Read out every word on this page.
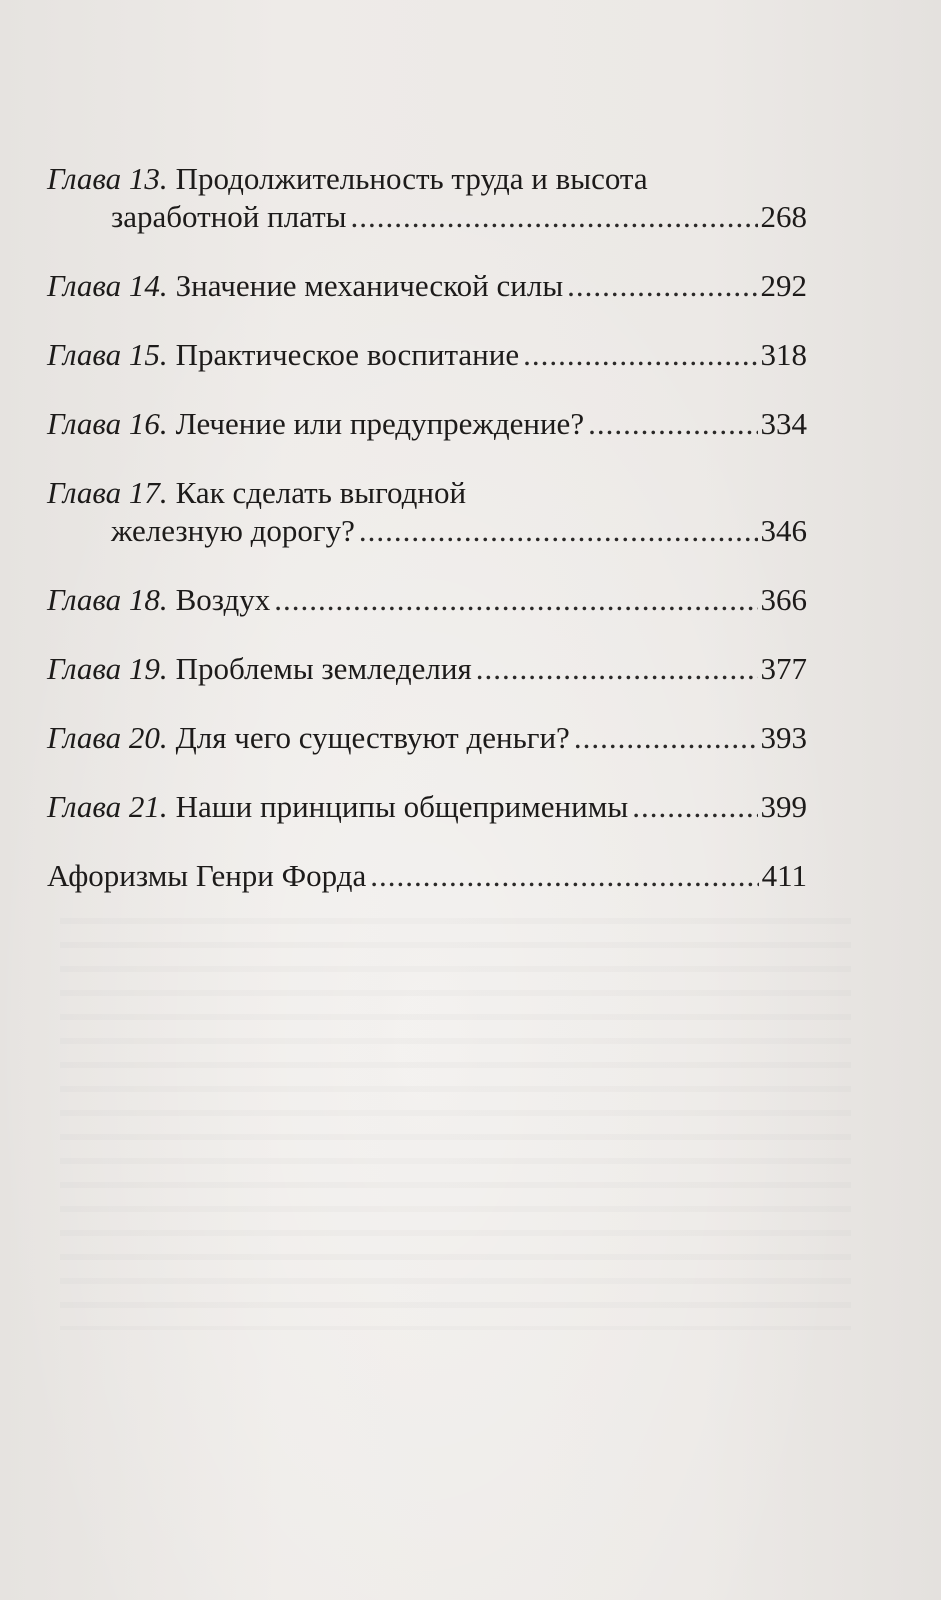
Глава 13. Продолжительность труда и высота
заработной платы .....	268
Глава 14. Значение механической силы .....	292
Глава 15. Практическое воспитание .....	318
Глава 16. Лечение или предупреждение? .....	334
Глава 17. Как сделать выгодной
железную дорогу? .....	346
Глава 18. Воздух .....	366
Глава 19. Проблемы земледелия .....	377
Глава 20. Для чего существуют деньги? .....	393
Глава 21. Наши принципы общеприменимы .....	399
Афоризмы Генри Форда .....	411
